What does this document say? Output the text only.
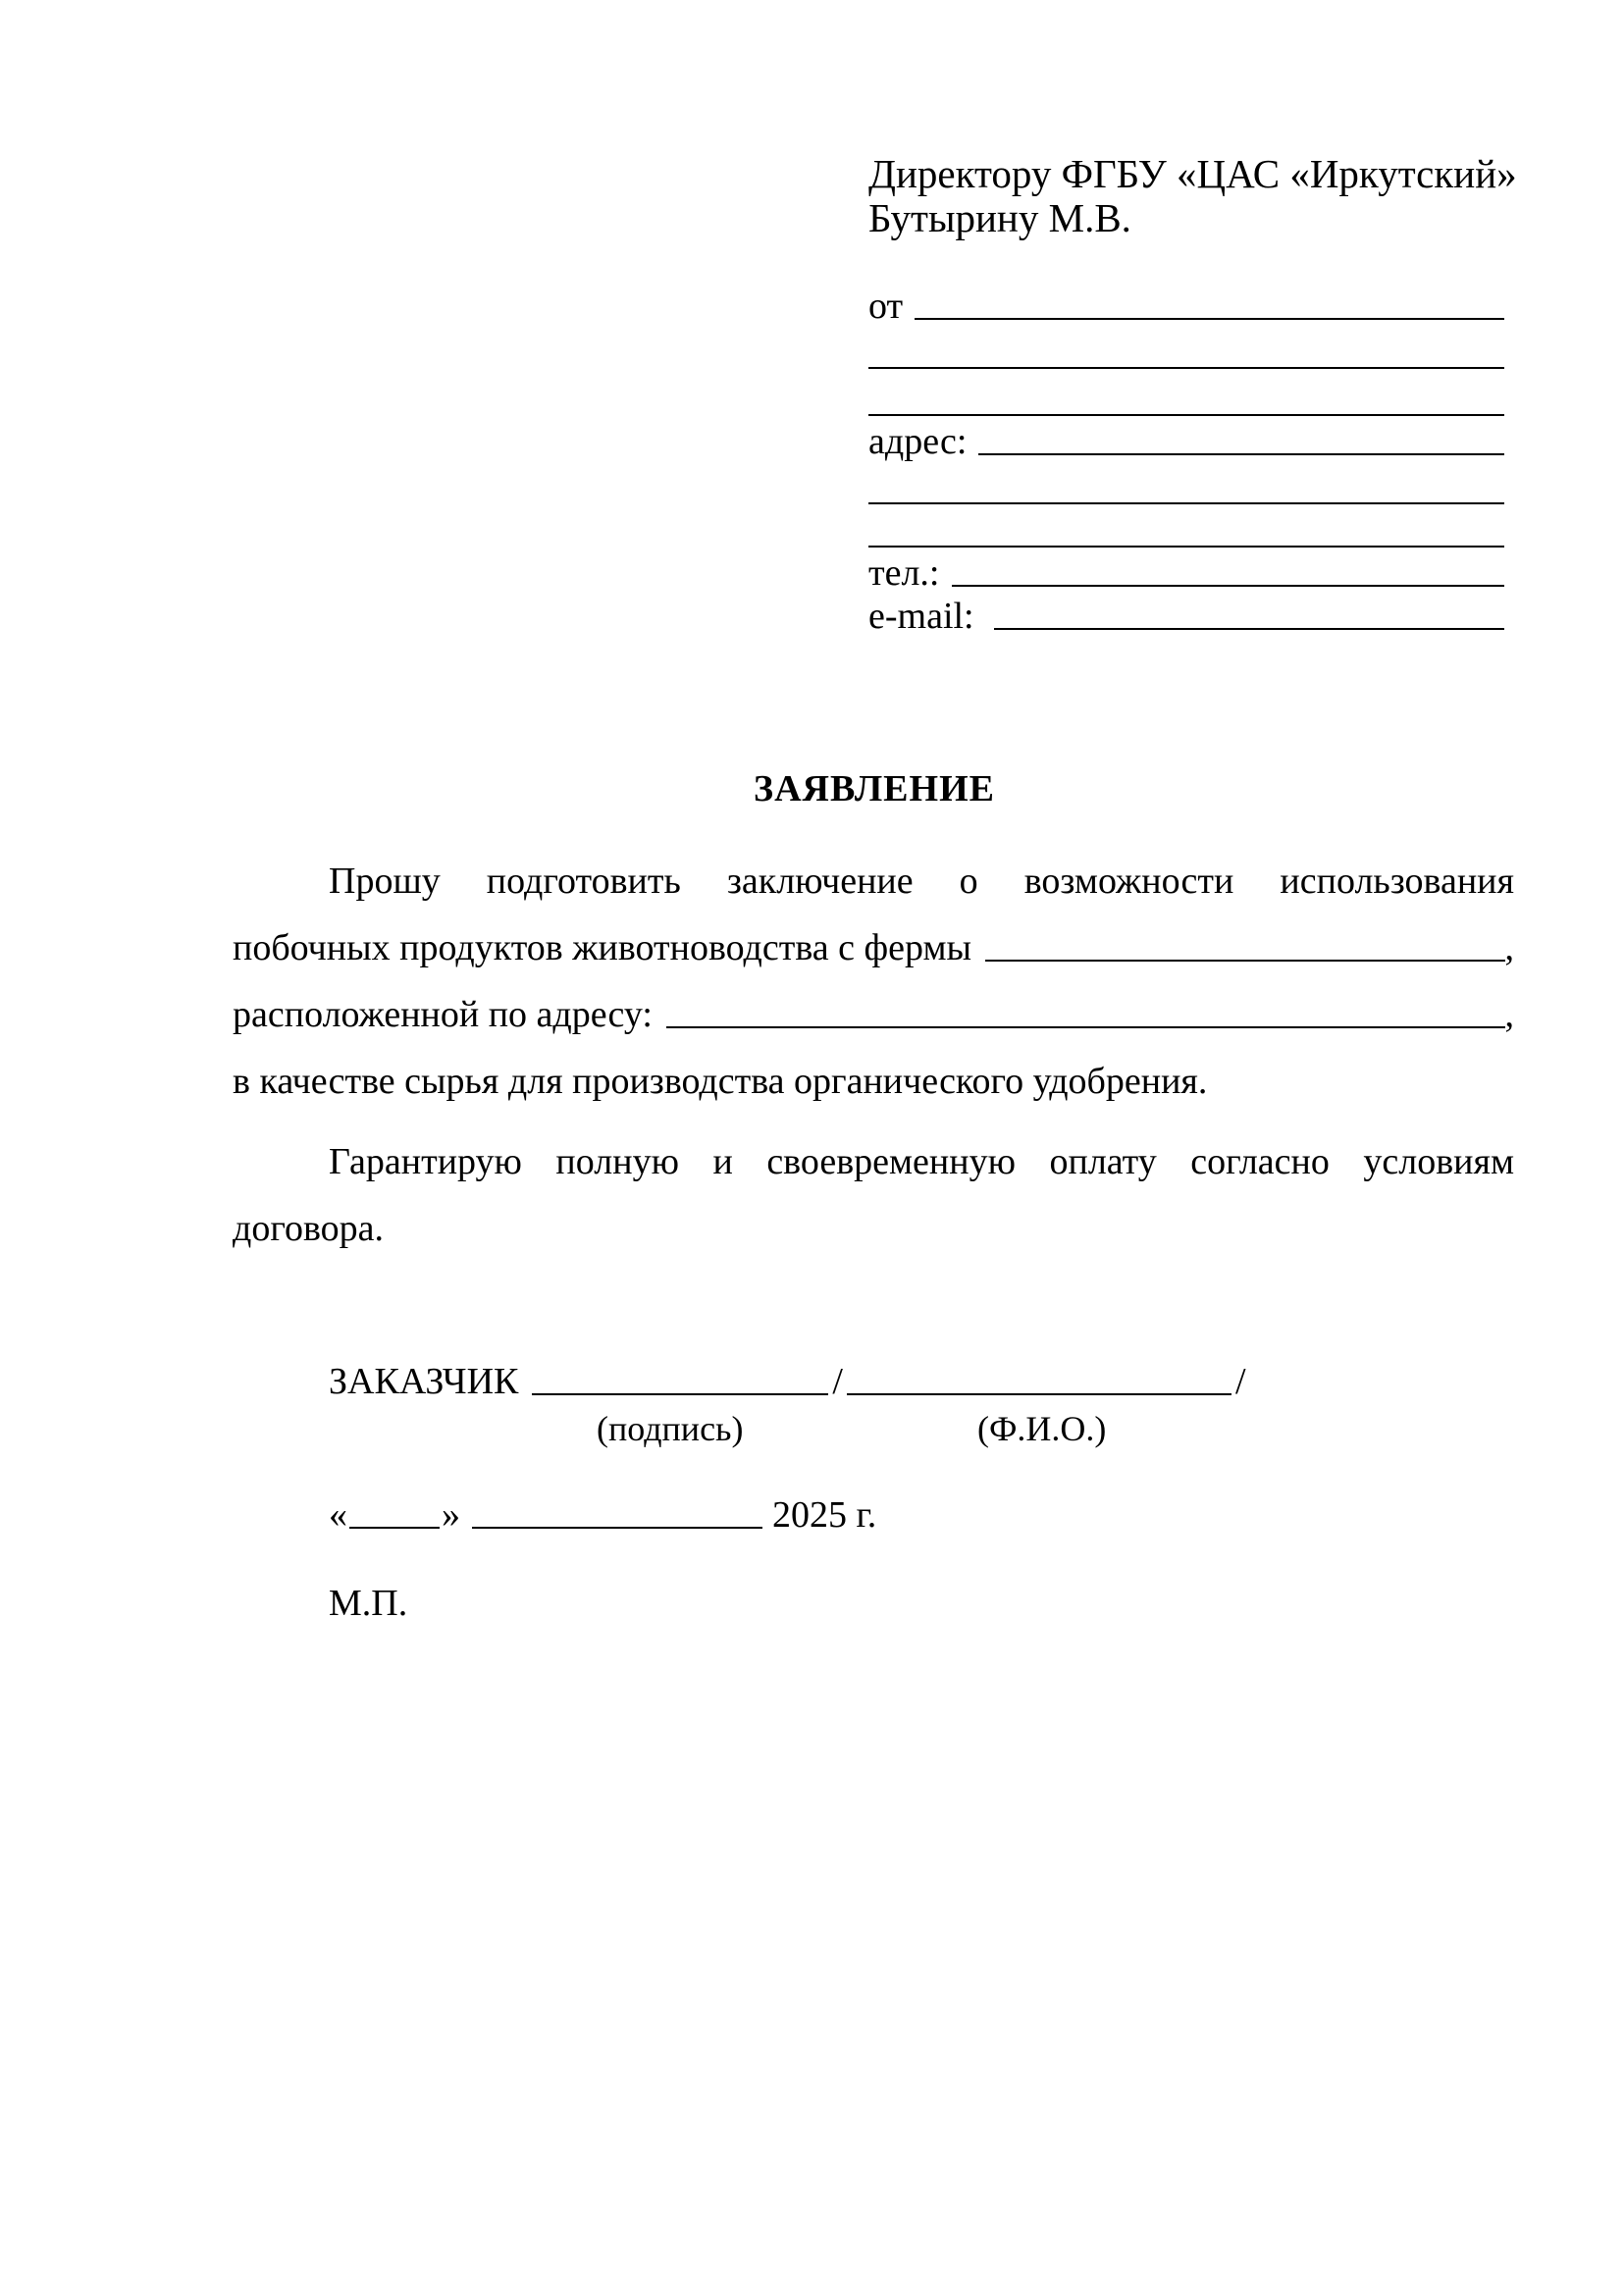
Директору ФГБУ «ЦАС «Иркутский»
Бутырину М.В.
от
адрес:
тел.:
e-mail:
ЗАЯВЛЕНИЕ
Прошу подготовить заключение о возможности использования
побочных продуктов животноводства с фермы	,
расположенной по адресу:	,
в качестве сырья для производства органического удобрения.
Гарантирую полную и своевременную оплату согласно условиям
договора.
ЗАКАЗЧИК	/	/
(подпись)	(Ф.И.О.)
«	»	2025 г.
М.П.
